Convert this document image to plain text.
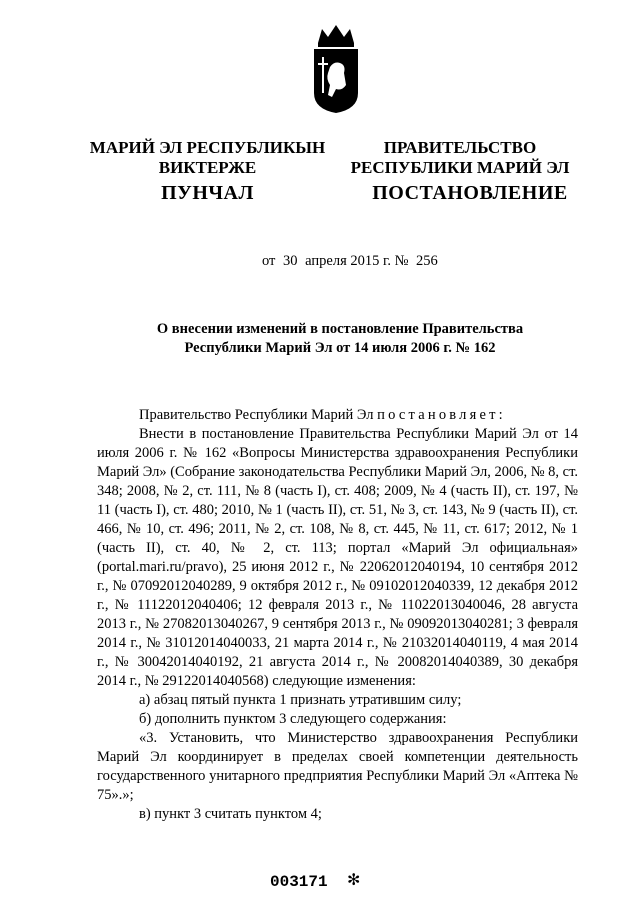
МАРИЙ ЭЛ РЕСПУБЛИКЫН
ВИКТЕРЖЕ
ПРАВИТЕЛЬСТВО
РЕСПУБЛИКИ МАРИЙ ЭЛ
ПУНЧАЛ	ПОСТАНОВЛЕНИЕ
от 30 апреля 2015 г. № 256
О внесении изменений в постановление Правительства
Республики Марий Эл от 14 июля 2006 г. № 162

Правительство Республики Марий Эл постановляет:

Внести в постановление Правительства Республики Марий Эл от 14 июля 2006 г. № 162 «Вопросы Министерства здравоохранения Республики Марий Эл» (Собрание законодательства Республики Марий Эл, 2006, № 8, ст. 348; 2008, № 2, ст. 111, № 8 (часть I), ст. 408; 2009, № 4 (часть II), ст. 197, № 11 (часть I), ст. 480; 2010, № 1 (часть II), ст. 51, № 3, ст. 143, № 9 (часть II), ст. 466, № 10, ст. 496; 2011, № 2, ст. 108, № 8, ст. 445, № 11, ст. 617; 2012, № 1 (часть II), ст. 40, № 2, ст. 113; портал «Марий Эл официальная» (portal.mari.ru/pravo), 25 июня 2012 г., № 22062012040194, 10 сентября 2012 г., № 07092012040289, 9 октября 2012 г., № 09102012040339, 12 декабря 2012 г., № 11122012040406; 12 февраля 2013 г., № 11022013040046, 28 августа 2013 г., № 27082013040267, 9 сентября 2013 г., № 09092013040281; 3 февраля 2014 г., № 31012014040033, 21 марта 2014 г., № 21032014040119, 4 мая 2014 г., № 30042014040192, 21 августа 2014 г., № 20082014040389, 30 декабря 2014 г., № 29122014040568) следующие изменения:

а) абзац пятый пункта 1 признать утратившим силу;

б) дополнить пунктом 3 следующего содержания:

«3. Установить, что Министерство здравоохранения Республики Марий Эл координирует в пределах своей компетенции деятельность государственного унитарного предприятия Республики Марий Эл «Аптека № 75».»;

в) пункт 3 считать пунктом 4;

003171 ✻
